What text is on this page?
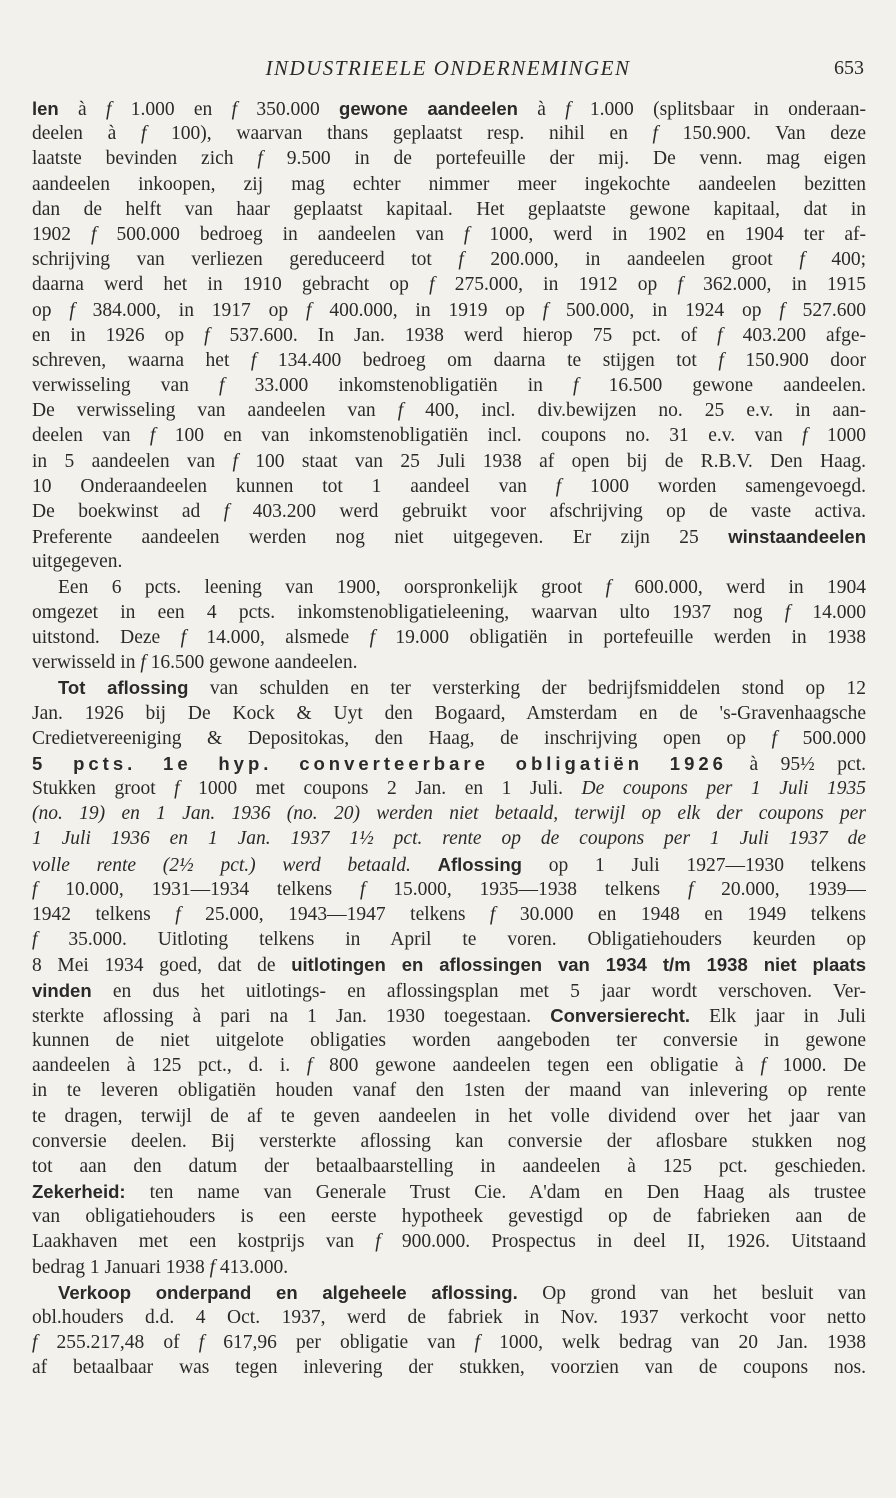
INDUSTRIEELE ONDERNEMINGEN	653
len à f 1.000 en f 350.000 gewone aandeelen à f 1.000 (splitsbaar in onderaan-
deelen à f 100), waarvan thans geplaatst resp. nihil en f 150.900. Van deze
laatste bevinden zich f 9.500 in de portefeuille der mij. De venn. mag eigen
aandeelen inkoopen, zij mag echter nimmer meer ingekochte aandeelen bezitten
dan de helft van haar geplaatst kapitaal. Het geplaatste gewone kapitaal, dat in
1902 f 500.000 bedroeg in aandeelen van f 1000, werd in 1902 en 1904 ter af-
schrijving van verliezen gereduceerd tot f 200.000, in aandeelen groot f 400;
daarna werd het in 1910 gebracht op f 275.000, in 1912 op f 362.000, in 1915
op f 384.000, in 1917 op f 400.000, in 1919 op f 500.000, in 1924 op f 527.600
en in 1926 op f 537.600. In Jan. 1938 werd hierop 75 pct. of f 403.200 afge-
schreven, waarna het f 134.400 bedroeg om daarna te stijgen tot f 150.900 door
verwisseling van f 33.000 inkomstenobligatiën in f 16.500 gewone aandeelen.
De verwisseling van aandeelen van f 400, incl. div.bewijzen no. 25 e.v. in aan-
deelen van f 100 en van inkomstenobligatiën incl. coupons no. 31 e.v. van f 1000
in 5 aandeelen van f 100 staat van 25 Juli 1938 af open bij de R.B.V. Den Haag.
10 Onderaandeelen kunnen tot 1 aandeel van f 1000 worden samengevoegd.
De boekwinst ad f 403.200 werd gebruikt voor afschrijving op de vaste activa.
Preferente aandeelen werden nog niet uitgegeven. Er zijn 25 winstaandeelen
uitgegeven.
Een 6 pcts. leening van 1900, oorspronkelijk groot f 600.000, werd in 1904
omgezet in een 4 pcts. inkomstenobligatieleening, waarvan ulto 1937 nog f 14.000
uitstond. Deze f 14.000, alsmede f 19.000 obligatiën in portefeuille werden in 1938
verwisseld in f 16.500 gewone aandeelen.
Tot aflossing van schulden en ter versterking der bedrijfsmiddelen stond op 12
Jan. 1926 bij De Kock & Uyt den Bogaard, Amsterdam en de 's-Gravenhaagsche
Credietvereeniging & Depositokas, den Haag, de inschrijving open op f 500.000
5 pcts. 1e hyp. converteerbare obligatiën 1926 à 95½ pct.
Stukken groot f 1000 met coupons 2 Jan. en 1 Juli. De coupons per 1 Juli 1935
(no. 19) en 1 Jan. 1936 (no. 20) werden niet betaald, terwijl op elk der coupons per
1 Juli 1936 en 1 Jan. 1937 1½ pct. rente op de coupons per 1 Juli 1937 de
volle rente (2½ pct.) werd betaald. Aflossing op 1 Juli 1927—1930 telkens
f 10.000, 1931—1934 telkens f 15.000, 1935—1938 telkens f 20.000, 1939—
1942 telkens f 25.000, 1943—1947 telkens f 30.000 en 1948 en 1949 telkens
f 35.000. Uitloting telkens in April te voren. Obligatiehouders keurden op
8 Mei 1934 goed, dat de uitlotingen en aflossingen van 1934 t/m 1938 niet plaats
vinden en dus het uitlotings- en aflossingsplan met 5 jaar wordt verschoven. Ver-
sterkte aflossing à pari na 1 Jan. 1930 toegestaan. Conversierecht. Elk jaar in Juli
kunnen de niet uitgelote obligaties worden aangeboden ter conversie in gewone
aandeelen à 125 pct., d. i. f 800 gewone aandeelen tegen een obligatie à f 1000. De
in te leveren obligatiën houden vanaf den 1sten der maand van inlevering op rente
te dragen, terwijl de af te geven aandeelen in het volle dividend over het jaar van
conversie deelen. Bij versterkte aflossing kan conversie der aflosbare stukken nog
tot aan den datum der betaalbaarstelling in aandeelen à 125 pct. geschieden.
Zekerheid: ten name van Generale Trust Cie. A'dam en Den Haag als trustee
van obligatiehouders is een eerste hypotheek gevestigd op de fabrieken aan de
Laakhaven met een kostprijs van f 900.000. Prospectus in deel II, 1926. Uitstaand
bedrag 1 Januari 1938 f 413.000.
Verkoop onderpand en algeheele aflossing. Op grond van het besluit van
obl.houders d.d. 4 Oct. 1937, werd de fabriek in Nov. 1937 verkocht voor netto
f 255.217,48 of f 617,96 per obligatie van f 1000, welk bedrag van 20 Jan. 1938
af betaalbaar was tegen inlevering der stukken, voorzien van de coupons nos.
